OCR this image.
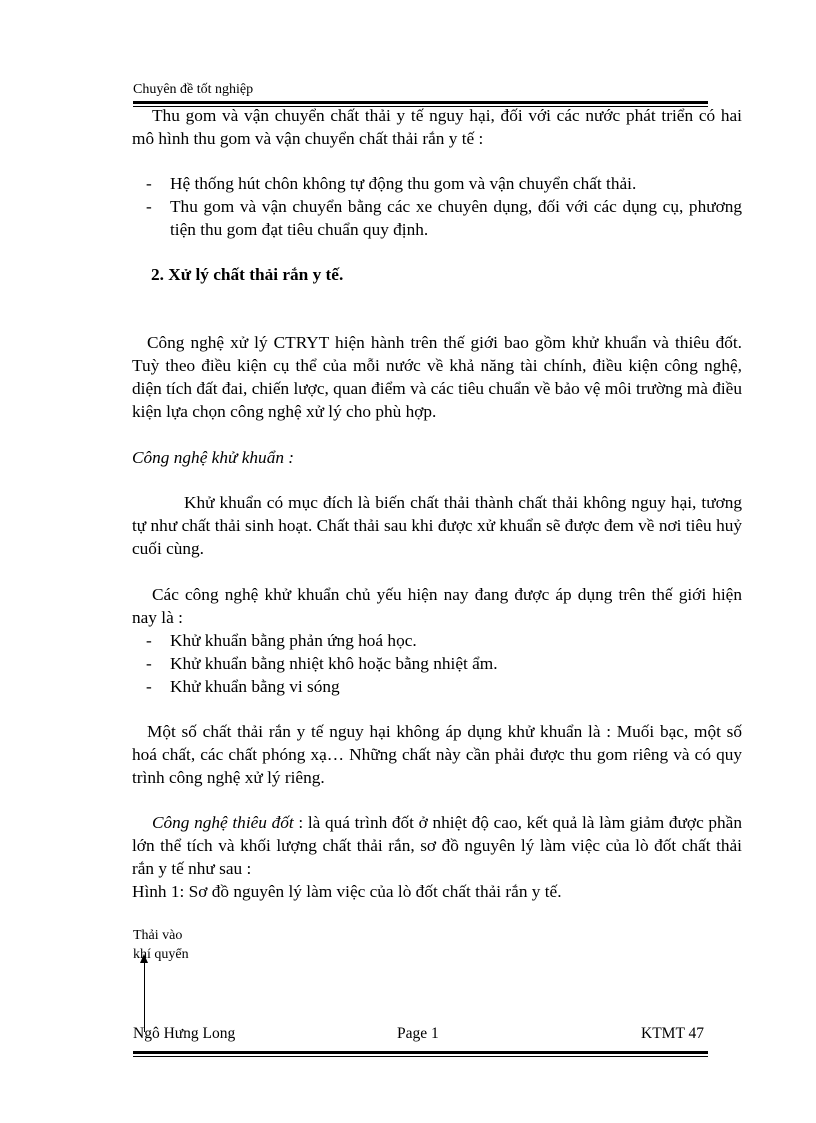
Chuyên đề tốt nghiệp

Thu gom và vận chuyển chất thải y tế nguy hại, đối với các nước phát triển có hai mô hình thu gom và vận chuyển chất thải rắn y tế :

- Hệ thống hút chôn không tự động thu gom và vận chuyển chất thải.
- Thu gom và vận chuyển bằng các xe chuyên dụng, đối với các dụng cụ, phương tiện thu gom đạt tiêu chuẩn quy định.

2. Xử lý chất thải rắn y tế.

Công nghệ xử lý CTRYT hiện hành trên thế giới bao gồm khử khuẩn và thiêu đốt. Tuỳ theo điều kiện cụ thể của mỗi nước về khả năng tài chính, điều kiện công nghệ, diện tích đất đai, chiến lược, quan điểm và các tiêu chuẩn về bảo vệ môi trường mà điều kiện lựa chọn công nghệ xử lý cho phù hợp.

Công nghệ khử khuẩn :

Khử khuẩn có mục đích là biến chất thải thành chất thải không nguy hại, tương tự như chất thải sinh hoạt. Chất thải sau khi được xử khuẩn sẽ được đem về nơi tiêu huỷ cuối cùng.

Các công nghệ khử khuẩn chủ yếu hiện nay đang được áp dụng trên thế giới hiện nay là :

- Khử khuẩn bằng phản ứng hoá học.
- Khử khuẩn bằng nhiệt khô hoặc bằng nhiệt ẩm.
- Khử khuẩn bằng vi sóng

Một số chất thải rắn y tế nguy hại không áp dụng khử khuẩn là : Muối bạc, một số hoá chất, các chất phóng xạ… Những chất này cần phải được thu gom riêng và có quy trình công nghệ xử lý riêng.

Công nghệ thiêu đốt : là quá trình đốt ở nhiệt độ cao, kết quả là làm giảm được phần lớn thể tích và khối lượng chất thải rắn, sơ đồ nguyên lý làm việc của lò đốt chất thải rắn y tế như sau :

Hình 1: Sơ đồ nguyên lý làm việc của lò đốt chất thải rắn y tế.

Thải vào
khí quyển
Ngô Hưng Long	Page 1	KTMT 47
